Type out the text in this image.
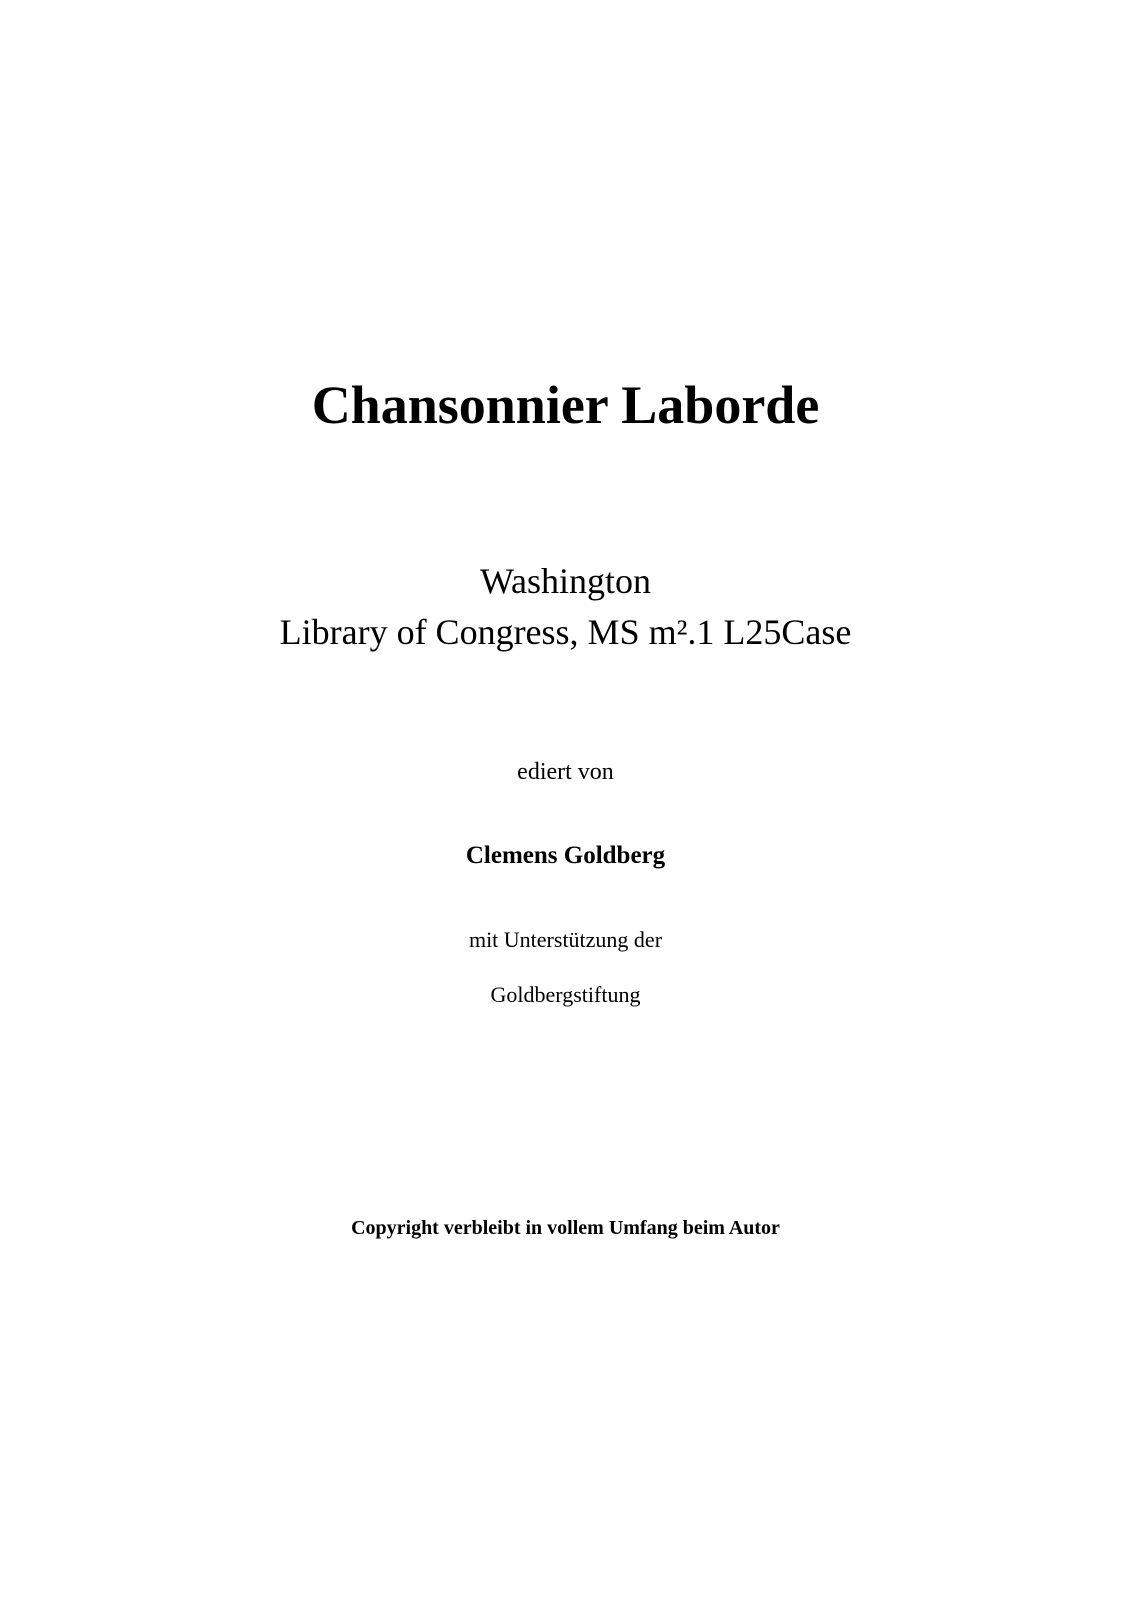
Chansonnier Laborde
Washington
Library of Congress, MS m².1 L25Case
ediert von
Clemens Goldberg
mit Unterstützung der
Goldbergstiftung
Copyright verbleibt in vollem Umfang beim Autor
